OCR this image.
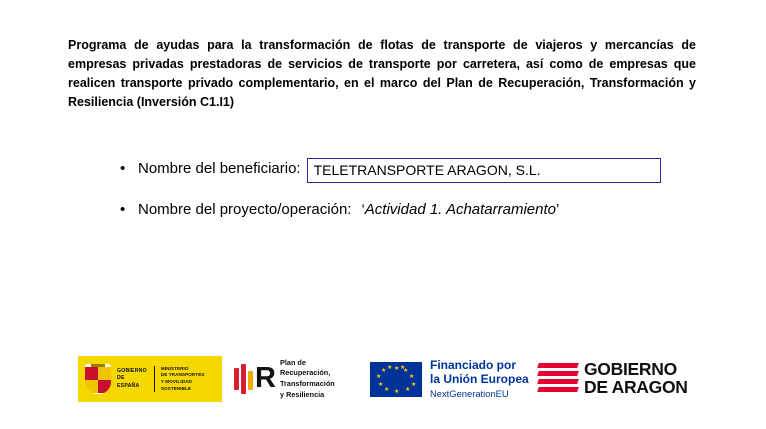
Programa de ayudas para la transformación de flotas de transporte de viajeros y mercancías de empresas privadas prestadoras de servicios de transporte por carretera, así como de empresas que realicen transporte privado complementario, en el marco del Plan de Recuperación, Transformación y Resiliencia (Inversión C1.I1)
• Nombre del beneficiario: TELETRANSPORTE ARAGON, S.L.
• Nombre del proyecto/operación: ‘Actividad 1. Achatarramiento’
GOBIERNO
DE ESPAÑA
MINISTERIO
DE TRANSPORTES
Y MOVILIDAD SOSTENIBLE	R Plan de
Recuperación,
Transformación
y Resiliencia
★ ★
★
★
★
★
★
★
★
★ ★ ★ Financiado por
la Unión Europea
NextGenerationEU
GOBIERNO
DE ARAGON
